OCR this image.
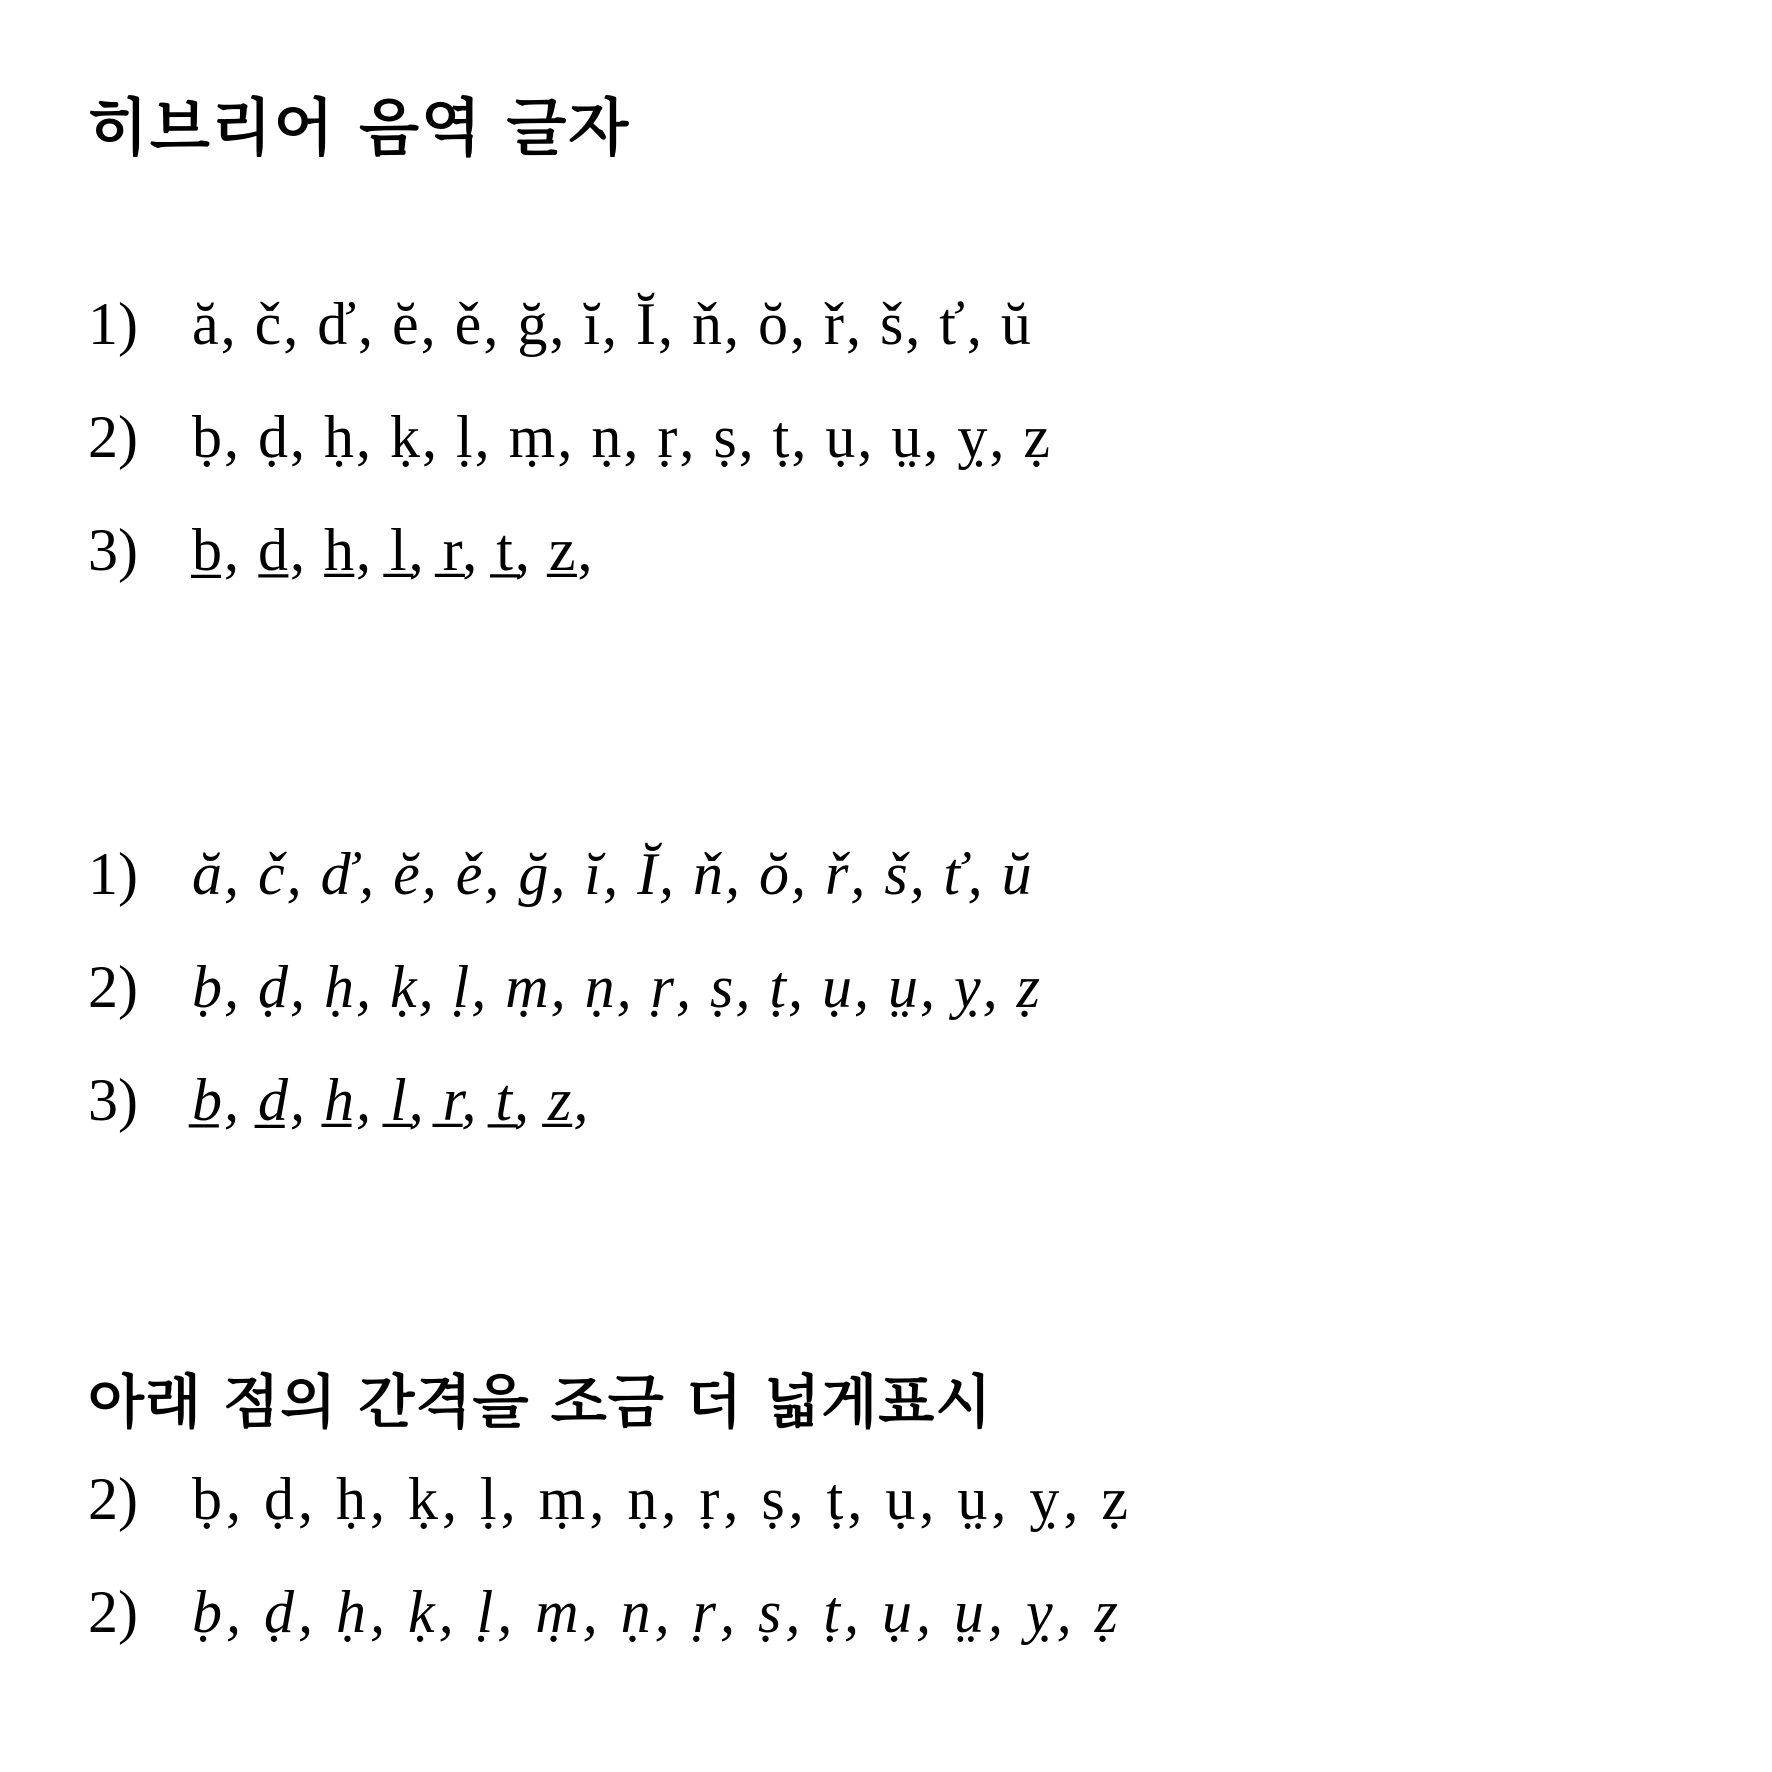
히브리어 음역 글자
1) ă, č, ď, ĕ, ě, ğ, ĭ, Ĭ, ň, ŏ, ř, š, ť, ŭ
2) ḅ, ḍ, ḥ, ḳ, ḷ, ṃ, ṇ, ṛ, ṣ, ṭ, ụ, ṳ, ỵ, ẓ
3) b̲, d̲, h̲, l̲, r̲, t̲, z̲,
1) ă, č, ď, ĕ, ě, ğ, ĭ, Ĭ, ň, ŏ, ř, š, ť, ŭ
2) ḅ, ḍ, ḥ, ḳ, ḷ, ṃ, ṇ, ṛ, ṣ, ṭ, ụ, ṳ, ỵ, ẓ
3) b̲, d̲, h̲, l̲, r̲, t̲, z̲,
아래 점의 간격을 조금 더 넓게표시
2) ḅ, ḍ, ḥ, ḳ, ḷ, ṃ, ṇ, ṛ, ṣ, ṭ, ụ, ṳ, ỵ, ẓ
2) ḅ, ḍ, ḥ, ḳ, ḷ, ṃ, ṇ, ṛ, ṣ, ṭ, ụ, ṳ, ỵ, ẓ
